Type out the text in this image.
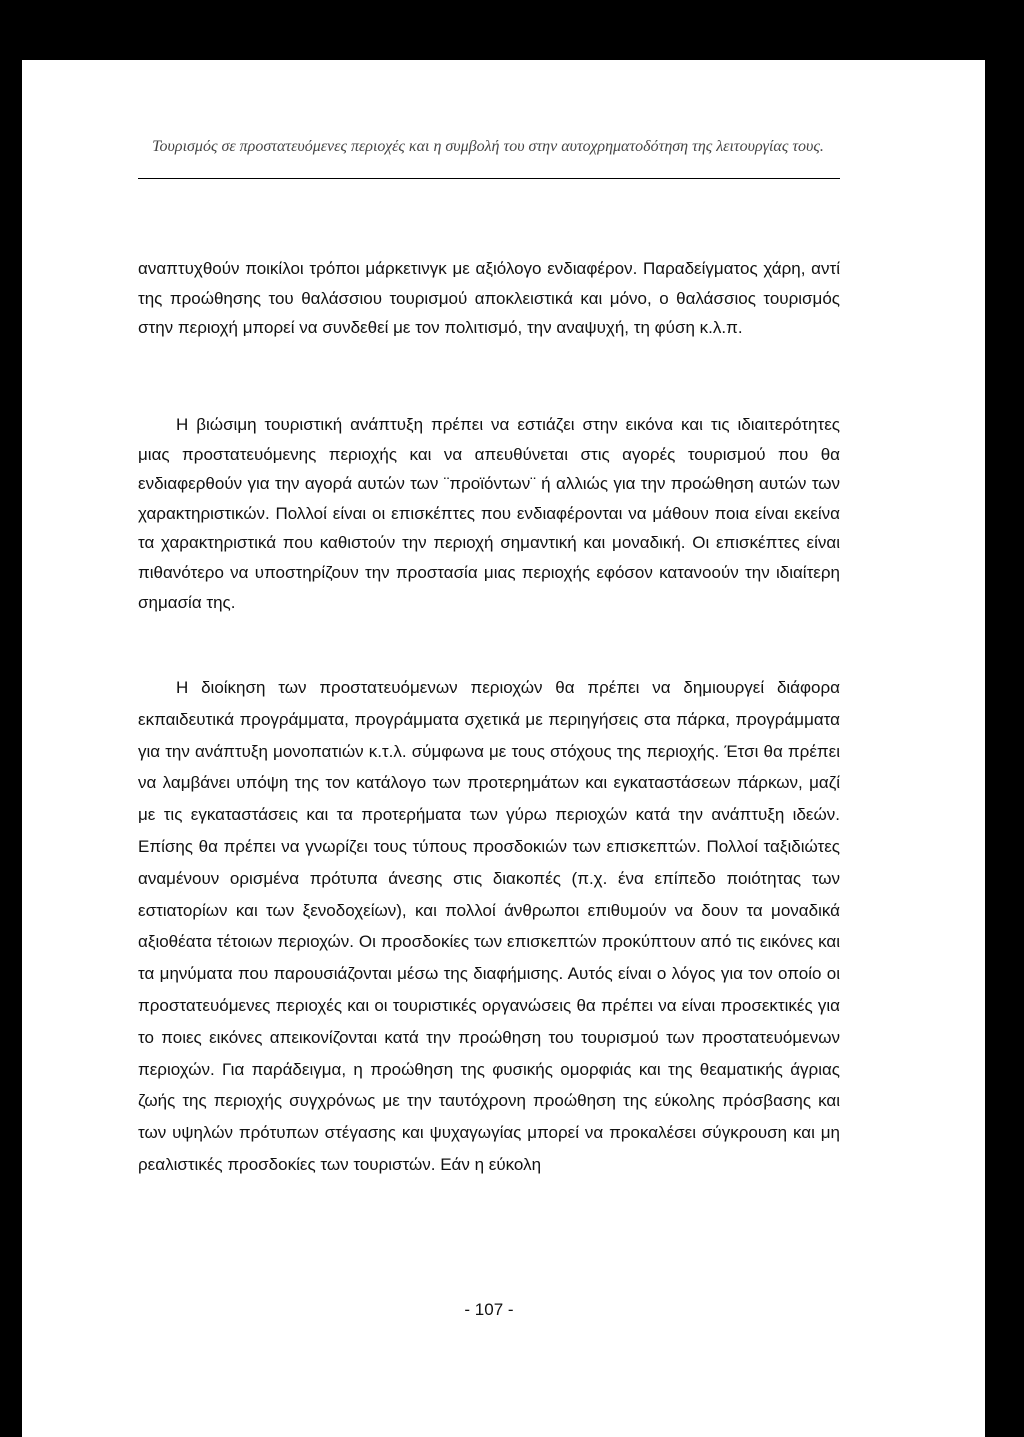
Τουρισμός σε προστατευόμενες περιοχές και η συμβολή του στην αυτοχρηματοδότηση της λειτουργίας τους.

αναπτυχθούν ποικίλοι τρόποι μάρκετινγκ με αξιόλογο ενδιαφέρον. Παραδείγματος χάρη, αντί της προώθησης του θαλάσσιου τουρισμού αποκλειστικά και μόνο, ο θαλάσσιος τουρισμός στην περιοχή μπορεί να συνδεθεί με τον πολιτισμό, την αναψυχή, τη φύση κ.λ.π.

Η βιώσιμη τουριστική ανάπτυξη πρέπει να εστιάζει στην εικόνα και τις ιδιαιτερότητες μιας προστατευόμενης περιοχής και να απευθύνεται στις αγορές τουρισμού που θα ενδιαφερθούν για την αγορά αυτών των ¨προϊόντων¨ ή αλλιώς για την προώθηση αυτών των χαρακτηριστικών. Πολλοί είναι οι επισκέπτες που ενδιαφέρονται να μάθουν ποια είναι εκείνα τα χαρακτηριστικά που καθιστούν την περιοχή σημαντική και μοναδική. Οι επισκέπτες είναι πιθανότερο να υποστηρίζουν την προστασία μιας περιοχής εφόσον κατανοούν την ιδιαίτερη σημασία της.

Η διοίκηση των προστατευόμενων περιοχών θα πρέπει να δημιουργεί διάφορα εκπαιδευτικά προγράμματα, προγράμματα σχετικά με περιηγήσεις στα πάρκα, προγράμματα για την ανάπτυξη μονοπατιών κ.τ.λ. σύμφωνα με τους στόχους της περιοχής. Έτσι θα πρέπει να λαμβάνει υπόψη της τον κατάλογο των προτερημάτων και εγκαταστάσεων πάρκων, μαζί με τις εγκαταστάσεις και τα προτερήματα των γύρω περιοχών κατά την ανάπτυξη ιδεών. Επίσης θα πρέπει να γνωρίζει τους τύπους προσδοκιών των επισκεπτών. Πολλοί ταξιδιώτες αναμένουν ορισμένα πρότυπα άνεσης στις διακοπές (π.χ. ένα επίπεδο ποιότητας των εστιατορίων και των ξενοδοχείων), και πολλοί άνθρωποι επιθυμούν να δουν τα μοναδικά αξιοθέατα τέτοιων περιοχών. Οι προσδοκίες των επισκεπτών προκύπτουν από τις εικόνες και τα μηνύματα που παρουσιάζονται μέσω της διαφήμισης. Αυτός είναι ο λόγος για τον οποίο οι προστατευόμενες περιοχές και οι τουριστικές οργανώσεις θα πρέπει να είναι προσεκτικές για το ποιες εικόνες απεικονίζονται κατά την προώθηση του τουρισμού των προστατευόμενων περιοχών. Για παράδειγμα, η προώθηση της φυσικής ομορφιάς και της θεαματικής άγριας ζωής της περιοχής συγχρόνως με την ταυτόχρονη προώθηση της εύκολης πρόσβασης και των υψηλών πρότυπων στέγασης και ψυχαγωγίας μπορεί να προκαλέσει σύγκρουση και μη ρεαλιστικές προσδοκίες των τουριστών. Εάν η εύκολη

- 107 -
